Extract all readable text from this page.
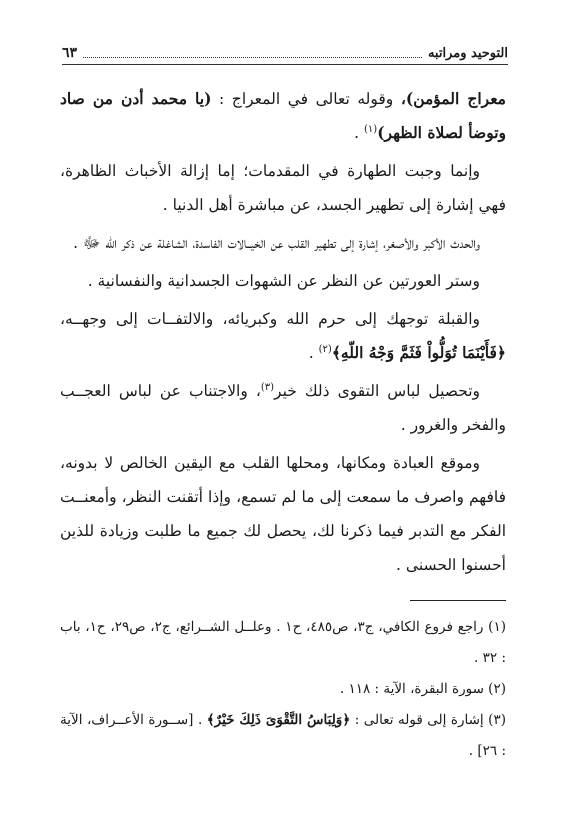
التوحيد ومراتبه
٦٣

معراج المؤمن)، وقوله تعالى في المعراج : (يا محمد أدن من صاد وتوضأ لصلاة الظهر)$^{(١)}$ .

وإنما وجبت الطهارة في المقدمات؛ إما إزالة الأخباث الظاهرة، فهي إشارة إلى تطهير الجسد، عن مباشرة أهل الدنيا .

والحدث الأكبر والأصغر، إشارة إلى تطهير القلب عن الخيــالات الفاسدة، الشاغلة عن ذكر الله ﷻ .

وستر العورتين عن النظر عن الشهوات الجسدانية والنفسانية .

والقبلة توجهك إلى حرم الله وكبريائه، والالتفــات إلى وجهــه، ﴿فَأَيْنَمَا تُوَلُّواْ فَثَمَّ وَجْهُ اللّهِ﴾$^{(٢)}$ .

وتحصيل لباس التقوى ذلك خير$^{(٣)}$، والاجتناب عن لباس العجــب والفخر والغرور .

وموقع العبادة ومكانها، ومحلها القلب مع اليقين الخالص لا بدونه، فافهم واصرف ما سمعت إلى ما لم تسمع، وإذا أتقنت النظر، وأمعنــت الفكر مع التدبر فيما ذكرنا لك، يحصل لك جميع ما طلبت وزيادة للذين أحسنوا الحسنى .

(١) راجع فروع الكافي، ج٣، ص٤٨٥، ح١ . وعلــل الشــرائع، ج٢، ص٢٩، ح١، باب : ٣٢ .

(٢) سورة البقرة، الآية : ١١٨ .

(٣) إشارة إلى قوله تعالى : ﴿وَلِبَاسُ التَّقْوَىَ ذَلِكَ خَيْرٌ﴾ . [ســورة الأعــراف، الآية : ٢٦] .
